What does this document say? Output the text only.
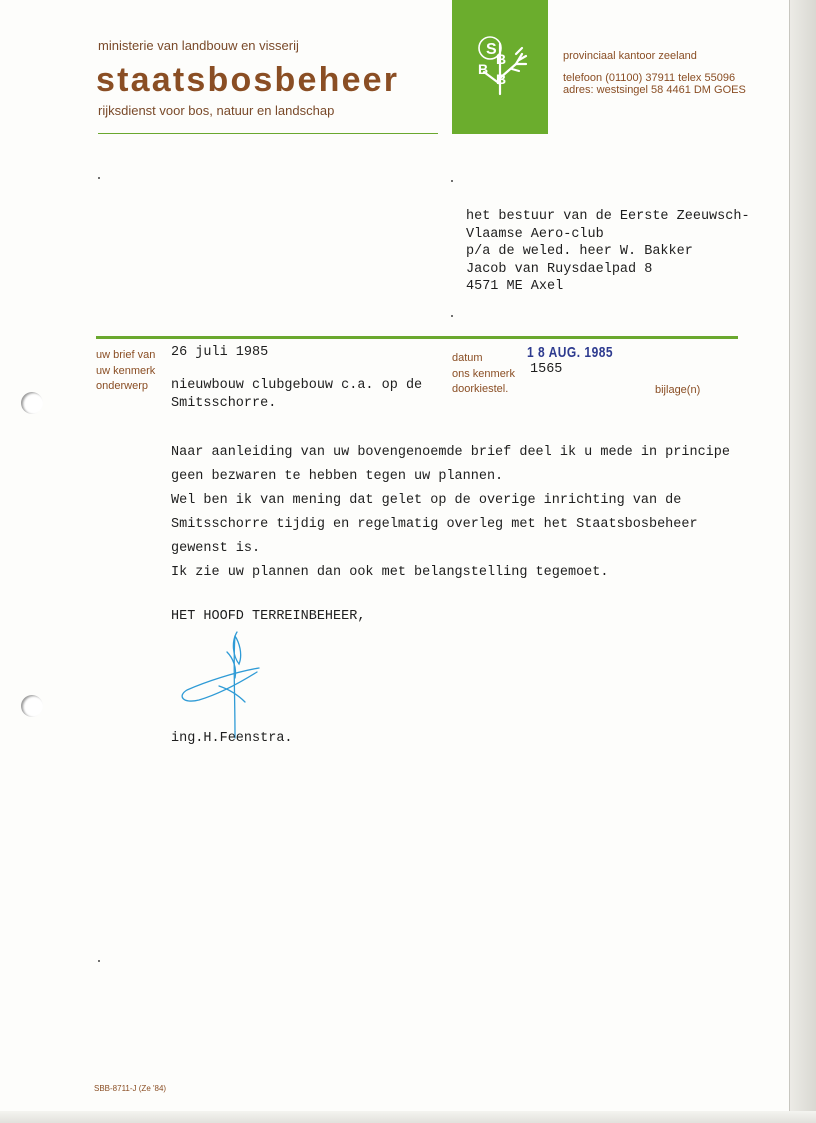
ministerie van landbouw en visserij
staatsbosbeheer
rijksdienst voor bos, natuur en landschap
S
B
B
B
provinciaal kantoor zeeland
telefoon (01100) 37911 telex 55096
adres: westsingel 58 4461 DM GOES
het bestuur van de Eerste Zeeuwsch-
Vlaamse Aero-club
p/a de weled. heer W. Bakker
Jacob van Ruysdaelpad 8
4571 ME Axel
uw brief van 26 juli 1985
uw kenmerk
onderwerp nieuwbouw clubgebouw c.a. op de
Smitsschorre.
datum	1 8 AUG. 1985
ons kenmerk 1565
doorkiestel.	bijlage(n)
Naar aanleiding van uw bovengenoemde brief deel ik u mede in principe
geen bezwaren te hebben tegen uw plannen.
Wel ben ik van mening dat gelet op de overige inrichting van de
Smitsschorre tijdig en regelmatig overleg met het Staatsbosbeheer
gewenst is.
Ik zie uw plannen dan ook met belangstelling tegemoet.
HET HOOFD TERREINBEHEER,
ing.H.Feenstra.
SBB-8711-J (Ze '84)
